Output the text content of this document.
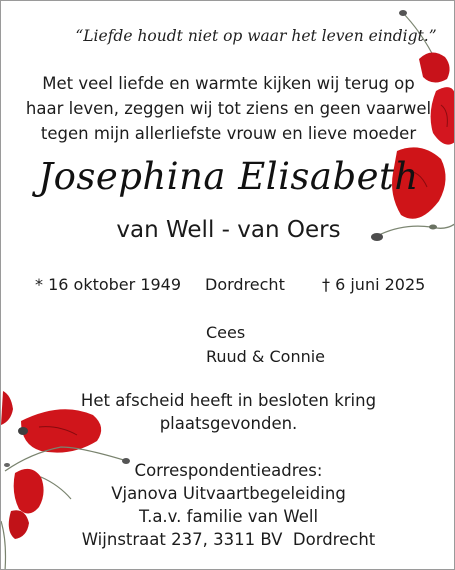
“Liefde houdt niet op waar het leven eindigt.”
Met veel liefde en warmte kijken wij terug op
haar leven, zeggen wij tot ziens en geen vaarwel
tegen mijn allerliefste vrouw en lieve moeder
Josephina Elisabeth
van Well - van Oers
* 16 oktober 1949 Dordrecht † 6 juni 2025
Cees
Ruud & Connie
Het afscheid heeft in besloten kring
plaatsgevonden.
Correspondentieadres:
Vjanova Uitvaartbegeleiding
T.a.v. familie van Well
Wijnstraat 237, 3311 BV  Dordrecht
